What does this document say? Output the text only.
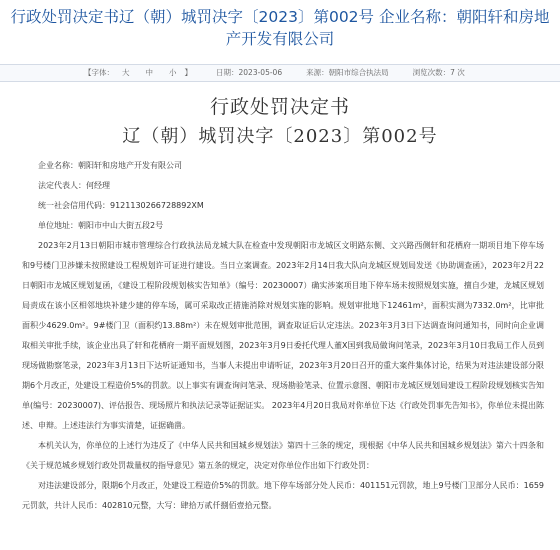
行政处罚决定书辽（朝）城罚决字〔2023〕第002号 企业名称：朝阳轩和房地产开发有限公司
【字体： 大 中 小 】	日期：2023-05-06	来源：朝阳市综合执法局	浏览次数：7 次
行政处罚决定书
辽（朝）城罚决字〔2023〕第002号
企业名称：朝阳轩和房地产开发有限公司
法定代表人：何经理
统一社会信用代码：91211302667288​92XM
单位地址：朝阳市中山大街五段2号

2023年2月13日朝阳市城市管理综合行政执法局龙城大队在检查中发现朝阳市龙城区文明路东侧、文兴路西侧轩和花栖府一期项目地下停车场和9号楼门卫涉嫌未按照建设工程规划许可证进行建设。当日立案调查。2023年2月14日我大队向龙城区规划局发送《协助调查函》，2023年2月22日朝阳市龙城区规划复函，《建设工程阶段规划核实告知单》（编号：20230007）确实涉案项目地下停车场未按照规划实施，擅自少建，龙城区规划局责成在该小区相邻地块补建少建的停车场，属可采取改正措施消除对规划实施的影响。规划审批地下12461m²，面积实测为7332.0m²，比审批面积少4629.0m²。9#楼门卫（面积约13.88m²）未在规划审批范围，调查取证后认定违法。2023年3月3日下达调查询问通知书，同时向企业调取相关审批手续，该企业出具了轩和花栖府一期平面规划图，2023年3月9日委托代理人董X国到我局做询问笔录，2023年3月10日我局工作人员到现场做勘察笔录，2023年3月13日下达听证通知书，当事人未提出申请听证，2023年3月20日召开的重大案件集体讨论，结果为对违法建设部分限期6个月改正，处建设工程造价5%的罚款。以上事实有调查询问笔录、现场勘验笔录、位置示意图、朝阳市龙城区规划局建设工程阶段规划核实告知单(编号：20230007)、评估报告、现场照片和执法记录等证据证实。 2023年4月20日我局对你单位下达《行政处罚事先告知书》，你单位未提出陈述、申辩。上述违法行为事实清楚，证据确凿。

本机关认为，你单位的上述行为违反了《中华人民共和国城乡规划法》第四十三条的规定，现根据《中华人民共和国城乡规划法》第六十四条和《关于规范城乡规划行政处罚裁量权的指导意见》第五条的规定，决定对你单位作出如下行政处罚：

对违法建设部分，限期6个月改正，处建设工程造价5%的罚款。地下停车场部分处人民币：401151元罚款，地上9号楼门卫部分人民币：1659元罚款，共计人民币：402810元整，大写：肆拾万贰仟捌佰壹拾元整。
